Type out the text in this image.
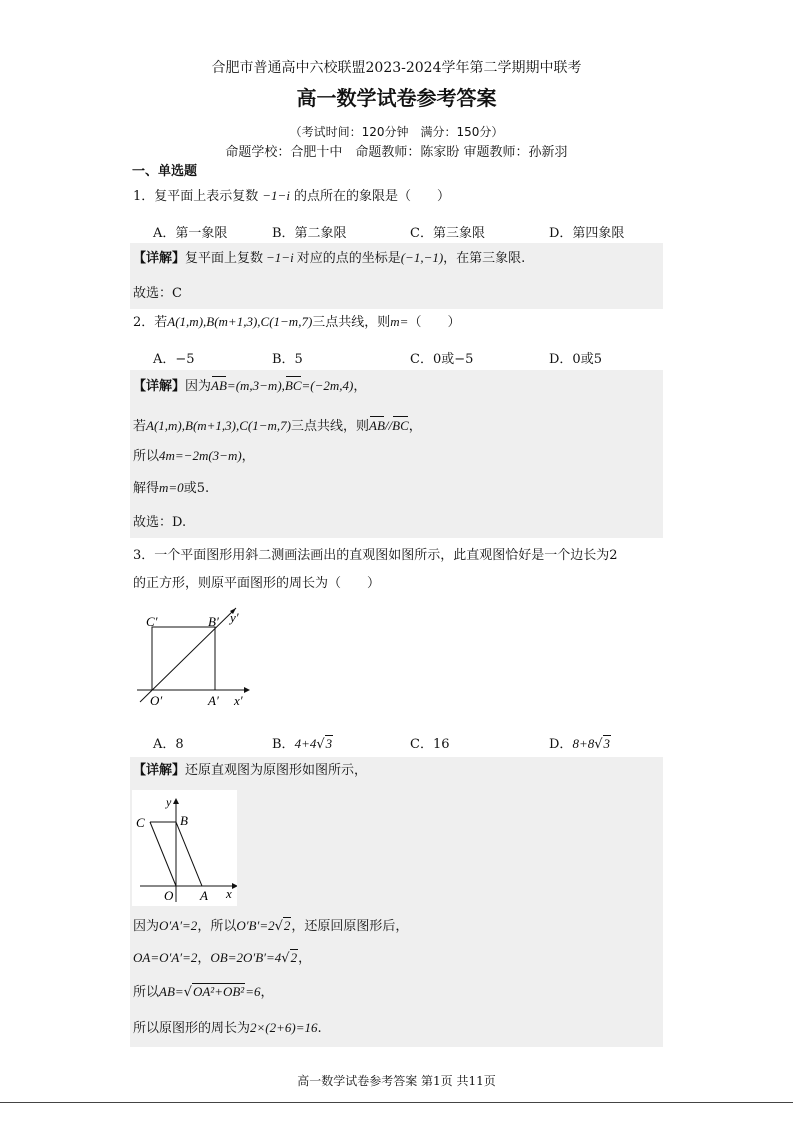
合肥市普通高中六校联盟2023-2024学年第二学期期中联考
高一数学试卷参考答案
（考试时间：120分钟　满分：150分）
命题学校：合肥十中　命题教师：陈家盼 审题教师：孙新羽
一、单选题
1．复平面上表示复数 −1−i 的点所在的象限是（　　）
A．第一象限	B．第二象限	C．第三象限	D．第四象限
【详解】复平面上复数 −1−i 对应的点的坐标是(−1,−1)，在第三象限.
故选：C
2．若A(1,m),B(m+1,3),C(1−m,7)三点共线，则m=（　　）
A．−5	B．5	C．0或−5	D．0或5
【详解】因为AB=(m,3−m),BC=(−2m,4)，
若A(1,m),B(m+1,3),C(1−m,7)三点共线，则AB//BC，
所以4m=−2m(3−m)，
解得m=0或5.
故选：D.
3．一个平面图形用斜二测画法画出的直观图如图所示，此直观图恰好是一个边长为2
的正方形，则原平面图形的周长为（　　）
C′	B′ y′
O′	A′ x′
A．8	B．4+4√3	C．16	D．8+8√3
【详解】还原直观图为原图形如图所示，
y
C	B
O A x
因为O′A′=2，所以O′B′=2√2，还原回原图形后，
OA=O′A′=2，OB=2O′B′=4√2，
所以AB=√OA²+OB²=6，
所以原图形的周长为2×(2+6)=16.
高一数学试卷参考答案 第1页 共11页
